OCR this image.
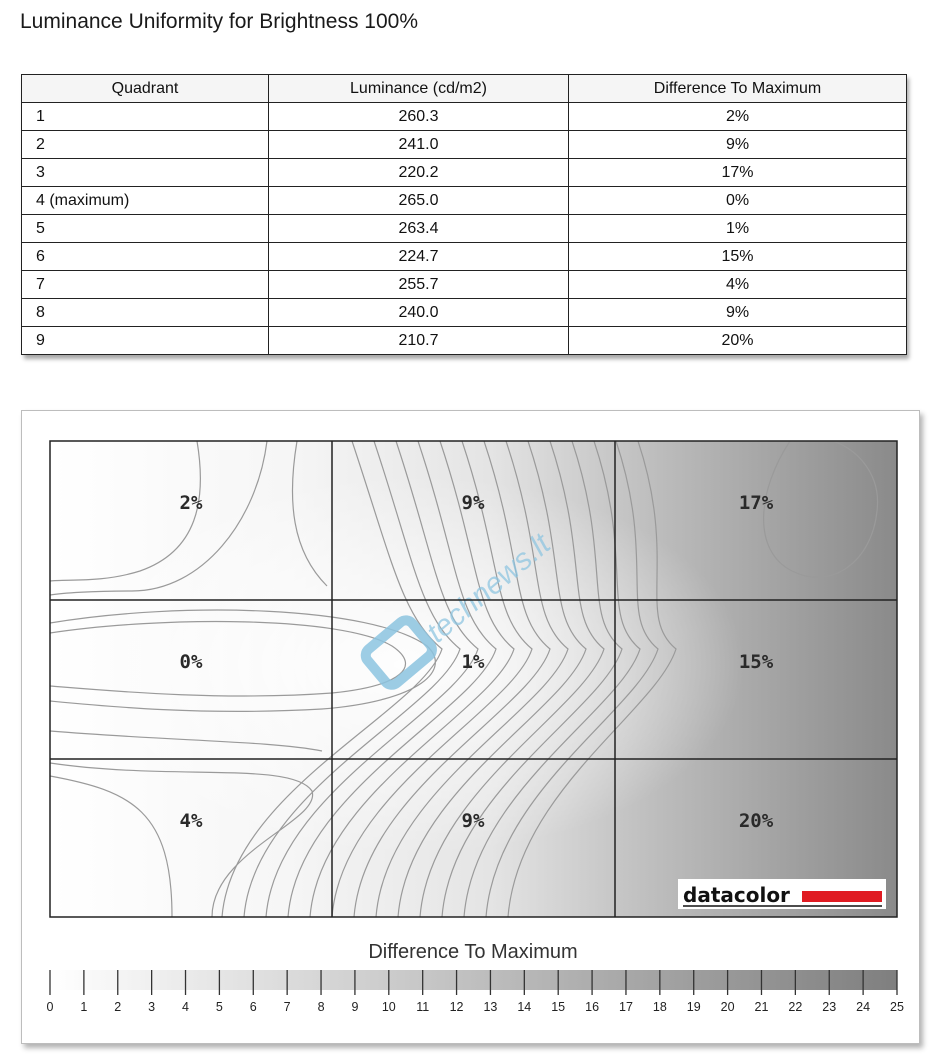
Luminance Uniformity for Brightness 100%
Quadrant	Luminance (cd/m2)	Difference To Maximum
1	260.3	2%
2	241.0	9%
3	220.2	17%
4 (maximum)	265.0	0%
5	263.4	1%
6	224.7	15%
7	255.7	4%
8	240.0	9%
9	210.7	20%
technews.lt
2%	9%	17%
0%	1%	15%
4%	9%	20%
datacolor
Difference To Maximum
0 1 2 3 4 5 6 7 8 9 10 11 12 13 14 15 16 17 18 19 20 21 22 23 24 25
